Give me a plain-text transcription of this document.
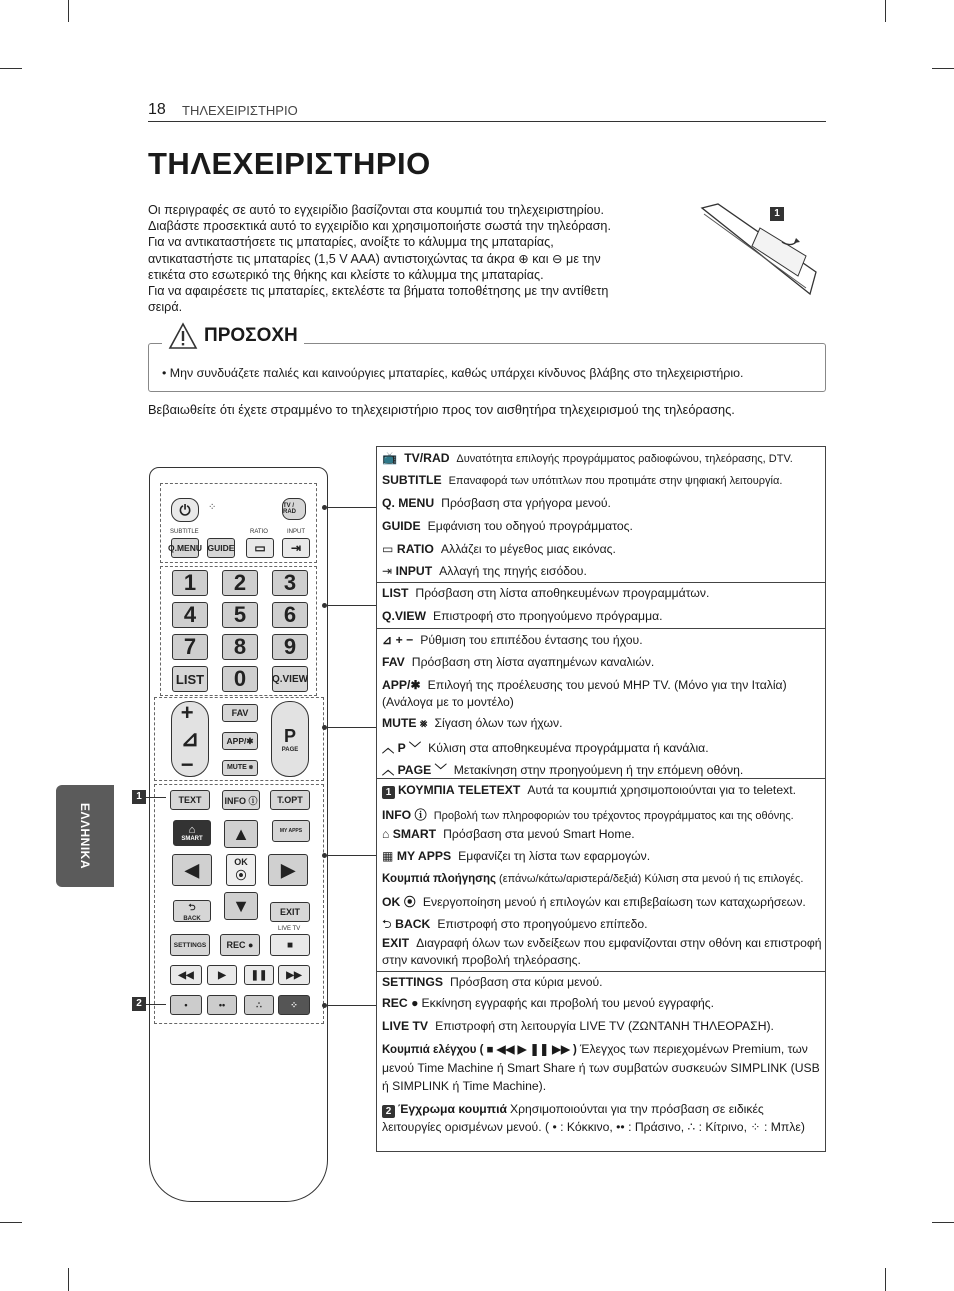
18 ΤΗΛΕΧΕΙΡΙΣΤΗΡΙΟ
ΤΗΛΕΧΕΙΡΙΣΤΗΡΙΟ
Οι περιγραφές σε αυτό το εγχειρίδιο βασίζονται στα κουμπιά του τηλεχειριστηρίου.
Διαβάστε προσεκτικά αυτό το εγχειρίδιο και χρησιμοποιήστε σωστά την τηλεόραση.
Για να αντικαταστήσετε τις μπαταρίες, ανοίξτε το κάλυμμα της μπαταρίας,
αντικαταστήστε τις μπαταρίες (1,5 V AAA) αντιστοιχώντας τα άκρα ⊕ και ⊖ με την
ετικέτα στο εσωτερικό της θήκης και κλείστε το κάλυμμα της μπαταρίας.
Για να αφαιρέσετε τις μπαταρίες, εκτελέστε τα βήματα τοποθέτησης με την αντίθετη
σειρά.
1
ΠΡΟΣΟΧΗ
• Μην συνδυάζετε παλιές και καινούργιες μπαταρίες, καθώς υπάρχει κίνδυνος βλάβης στο τηλεχειριστήριο.
Βεβαιωθείτε ότι έχετε στραμμένο το τηλεχειριστήριο προς τον αισθητήρα τηλεχειρισμού της τηλεόρασης.
ΕΛΛΗΝΙΚΑ
⏻	⁘	TV / RAD
SUBTITLE	RATIO	INPUT
Q.MENU GUIDE	▭	⇥
1	2	3
4	5	6
7	8	9
LIST	0	Q.VIEW
+
⊿
−
FAV
APP/✱
MUTE ⨳
P
PAGE
TEXT	INFO ⓘ	T.OPT
⌂
SMART
MY APPS
▲
◀	OK
⦿	▶
▼
⮌
BACK
EXIT
SETTINGS	REC ●
LIVE TV
■
◀◀	▶	❚❚	▶▶
•	••	∴	⁘
1
2
📺 TV/RAD Δυνατότητα επιλογής προγράμματος ραδιοφώνου, τηλεόρασης, DTV.
SUBTITLE Επαναφορά των υπότιτλων που προτιμάτε στην ψηφιακή λειτουργία.
Q. MENU Πρόσβαση στα γρήγορα μενού.
GUIDE Εμφάνιση του οδηγού προγράμματος.
▭ RATIO Αλλάζει το μέγεθος μιας εικόνας.
⇥ INPUT Αλλαγή της πηγής εισόδου.
LIST Πρόσβαση στη λίστα αποθηκευμένων προγραμμάτων.
Q.VIEW Επιστροφή στο προηγούμενο πρόγραμμα.
⊿ + − Ρύθμιση του επιπέδου έντασης του ήχου.
FAV Πρόσβαση στη λίστα αγαπημένων καναλιών.
APP/✱ Επιλογή της προέλευσης του μενού MHP TV. (Μόνο για την Ιταλία) (Ανάλογα με το μοντέλο)
MUTE ⨳ Σίγαση όλων των ήχων.
︿ P ﹀ Κύλιση στα αποθηκευμένα προγράμματα ή κανάλια.
︿ PAGE ﹀ Μετακίνηση στην προηγούμενη ή την επόμενη οθόνη.
1 ΚΟΥΜΠΙΑ TELETEXT Αυτά τα κουμπιά χρησιμοποιούνται για το teletext.
INFO ⓘ Προβολή των πληροφοριών του τρέχοντος προγράμματος και της οθόνης.
⌂ SMART Πρόσβαση στα μενού Smart Home.
▦ MY APPS Εμφανίζει τη λίστα των εφαρμογών.
Κουμπιά πλοήγησης (επάνω/κάτω/αριστερά/δεξιά) Κύλιση στα μενού ή τις επιλογές.
OK ⦿ Ενεργοποίηση μενού ή επιλογών και επιβεβαίωση των καταχωρήσεων.
⮌ BACK Επιστροφή στο προηγούμενο επίπεδο.
EXIT Διαγραφή όλων των ενδείξεων που εμφανίζονται στην οθόνη και επιστροφή στην κανονική προβολή τηλεόρασης.
SETTINGS Πρόσβαση στα κύρια μενού.
REC ● Εκκίνηση εγγραφής και προβολή του μενού εγγραφής.
LIVE TV Επιστροφή στη λειτουργία LIVE TV (ΖΩΝΤΑΝΗ ΤΗΛΕΟΡΑΣΗ).
Κουμπιά ελέγχου ( ■ ◀◀ ▶ ❚❚ ▶▶ ) Έλεγχος των περιεχομένων Premium, των μενού Time Machine ή Smart Share ή των συμβατών συσκευών SIMPLINK (USB ή SIMPLINK ή Time Machine).
2 Έγχρωμα κουμπιά Χρησιμοποιούνται για την πρόσβαση σε ειδικές λειτουργίες ορισμένων μενού. ( • : Κόκκινο, •• : Πράσινο, ∴ : Κίτρινο, ⁘ : Μπλε)
